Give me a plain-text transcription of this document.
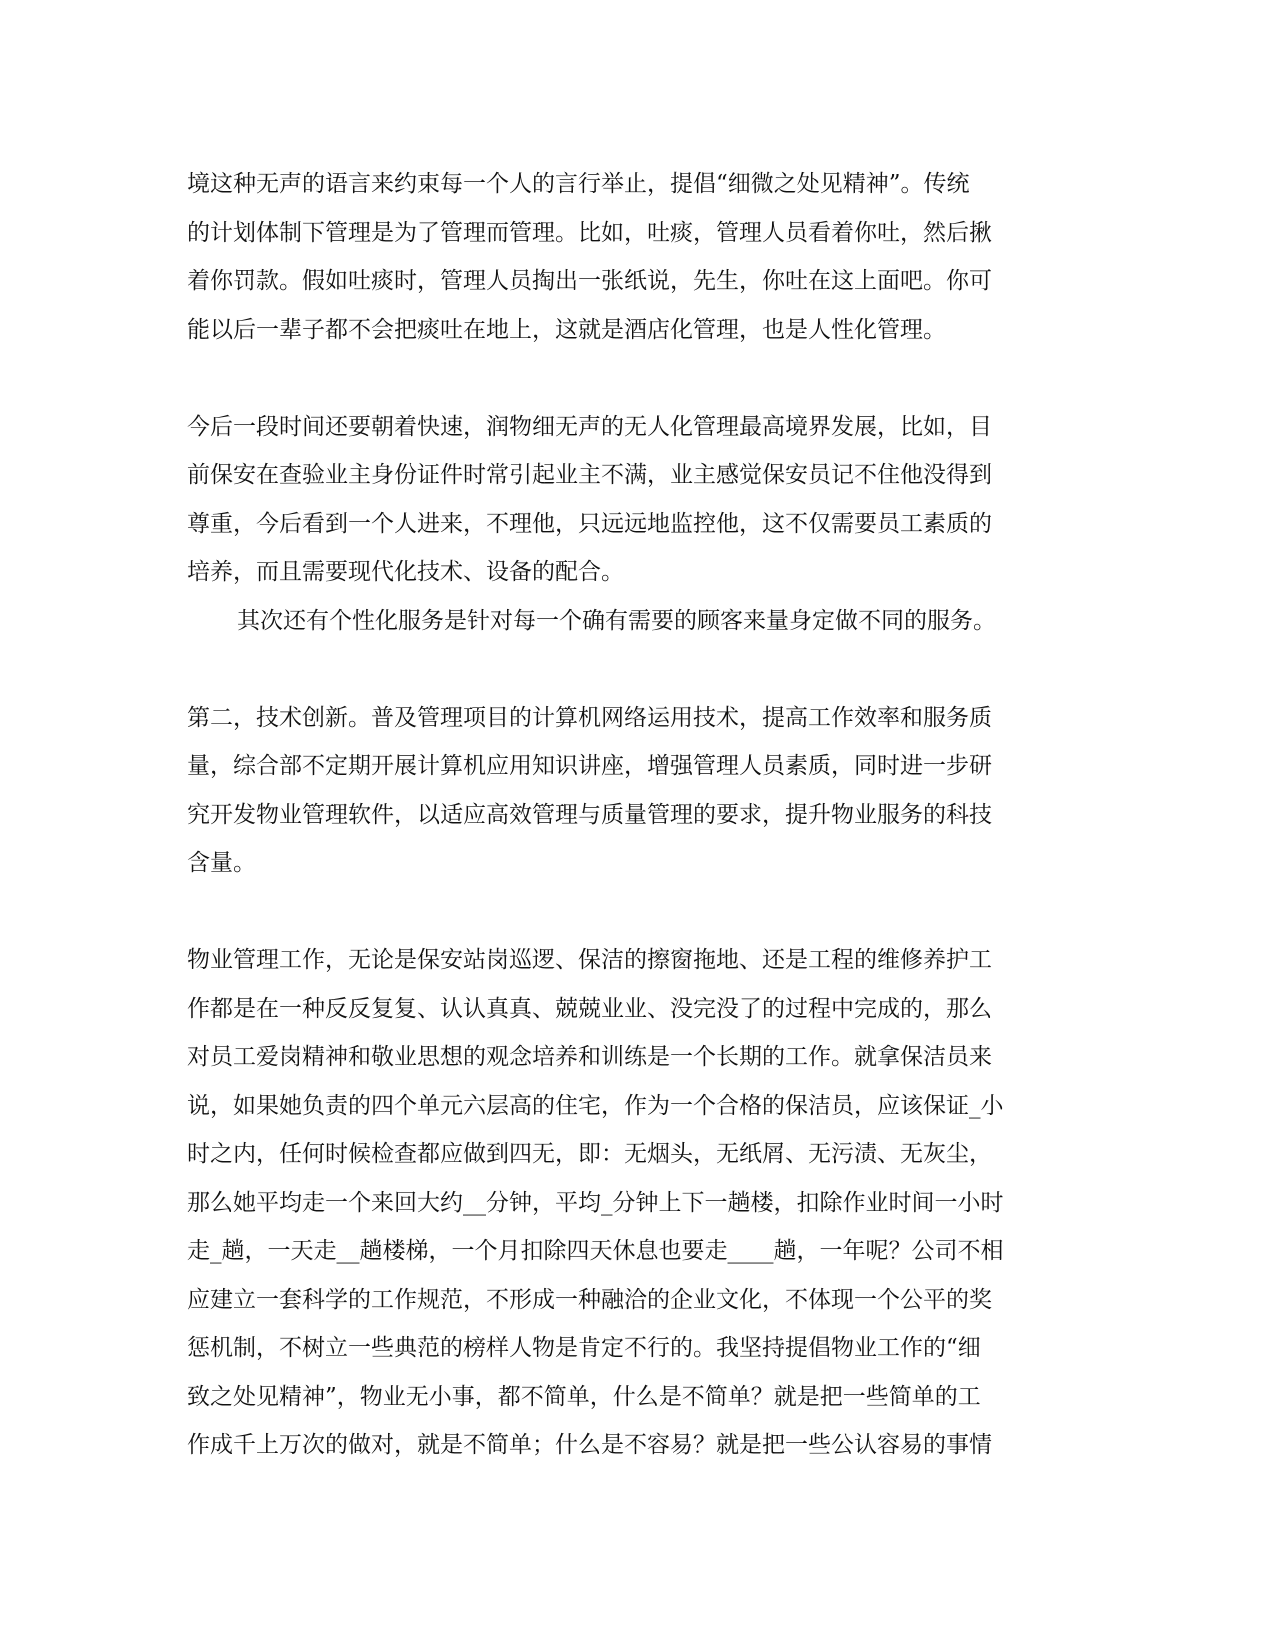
境这种无声的语言来约束每一个人的言行举止，提倡“细微之处见精神”。传统
的计划体制下管理是为了管理而管理。比如，吐痰，管理人员看着你吐，然后揪
着你罚款。假如吐痰时，管理人员掏出一张纸说，先生，你吐在这上面吧。你可
能以后一辈子都不会把痰吐在地上，这就是酒店化管理，也是人性化管理。
今后一段时间还要朝着快速，润物细无声的无人化管理最高境界发展，比如，目
前保安在查验业主身份证件时常引起业主不满，业主感觉保安员记不住他没得到
尊重，今后看到一个人进来，不理他，只远远地监控他，这不仅需要员工素质的
培养，而且需要现代化技术、设备的配合。
其次还有个性化服务是针对每一个确有需要的顾客来量身定做不同的服务。
第二，技术创新。普及管理项目的计算机网络运用技术，提高工作效率和服务质
量，综合部不定期开展计算机应用知识讲座，增强管理人员素质，同时进一步研
究开发物业管理软件，以适应高效管理与质量管理的要求，提升物业服务的科技
含量。
物业管理工作，无论是保安站岗巡逻、保洁的擦窗拖地、还是工程的维修养护工
作都是在一种反反复复、认认真真、兢兢业业、没完没了的过程中完成的，那么
对员工爱岗精神和敬业思想的观念培养和训练是一个长期的工作。就拿保洁员来
说，如果她负责的四个单元六层高的住宅，作为一个合格的保洁员，应该保证_小
时之内，任何时候检查都应做到四无，即：无烟头，无纸屑、无污渍、无灰尘，
那么她平均走一个来回大约__分钟，平均_分钟上下一趟楼，扣除作业时间一小时
走_趟，一天走__趟楼梯，一个月扣除四天休息也要走____趟，一年呢？公司不相
应建立一套科学的工作规范，不形成一种融洽的企业文化，不体现一个公平的奖
惩机制，不树立一些典范的榜样人物是肯定不行的。我坚持提倡物业工作的“细
致之处见精神”，物业无小事，都不简单，什么是不简单？就是把一些简单的工
作成千上万次的做对，就是不简单；什么是不容易？就是把一些公认容易的事情
